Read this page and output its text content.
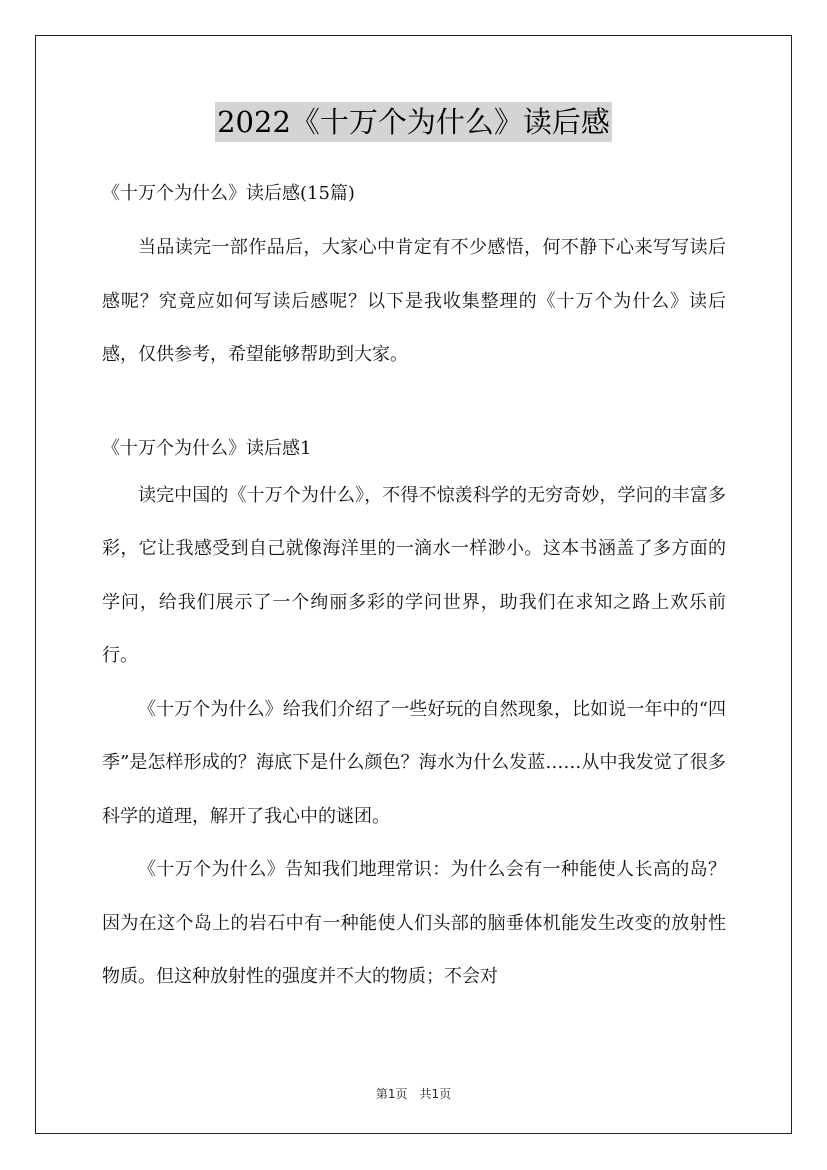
2022《十万个为什么》读后感

《十万个为什么》读后感(15篇)

当品读完一部作品后，大家心中肯定有不少感悟，何不静下心来写写读后感呢？究竟应如何写读后感呢？以下是我收集整理的《十万个为什么》读后感，仅供参考，希望能够帮助到大家。

《十万个为什么》读后感1

读完中国的《十万个为什么》，不得不惊羡科学的无穷奇妙，学问的丰富多彩，它让我感受到自己就像海洋里的一滴水一样渺小。这本书涵盖了多方面的学问，给我们展示了一个绚丽多彩的学问世界，助我们在求知之路上欢乐前行。

《十万个为什么》给我们介绍了一些好玩的自然现象，比如说一年中的“四季”是怎样形成的？海底下是什么颜色？海水为什么发蓝……从中我发觉了很多科学的道理，解开了我心中的谜团。

《十万个为什么》告知我们地理常识：为什么会有一种能使人长高的岛？因为在这个岛上的岩石中有一种能使人们头部的脑垂体机能发生改变的放射性物质。但这种放射性的强度并不大的物质；不会对

第1页 共1页
